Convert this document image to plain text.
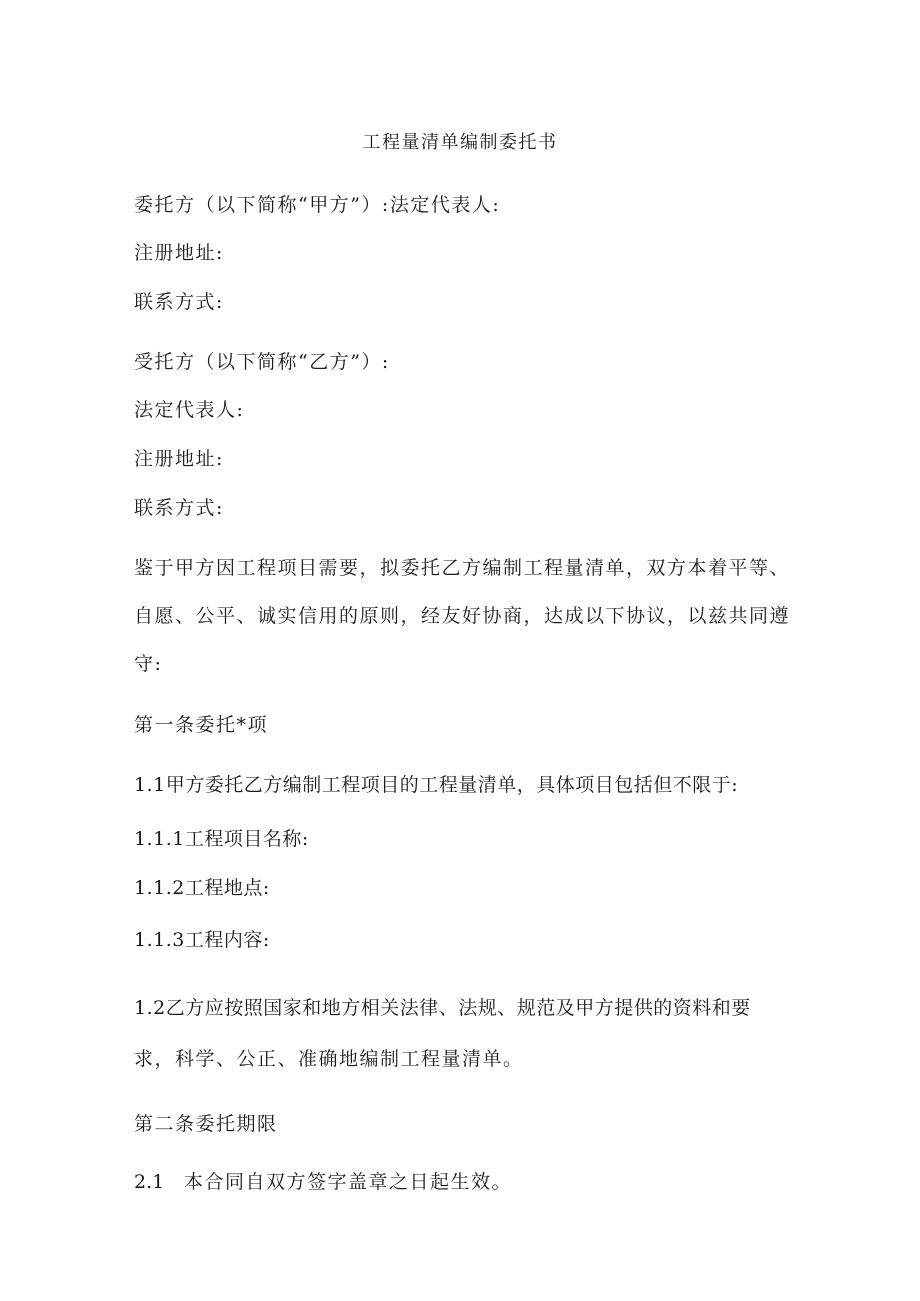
工程量清单编制委托书

委托方（以下简称“甲方”）:法定代表人:

注册地址:

联系方式:

受托方（以下简称“乙方”）:

法定代表人:

注册地址:

联系方式:

鉴于甲方因工程项目需要，拟委托乙方编制工程量清单，双方本着平等、

自愿、公平、诚实信用的原则，经友好协商，达成以下协议，以兹共同遵

守:

第一条委托*项

1.1甲方委托乙方编制工程项目的工程量清单，具体项目包括但不限于:

1.1.1工程项目名称:

1.1.2工程地点:

1.1.3工程内容:

1.2乙方应按照国家和地方相关法律、法规、规范及甲方提供的资料和要

求，科学、公正、准确地编制工程量清单。

第二条委托期限

2.1 本合同自双方签字盖章之日起生效。
